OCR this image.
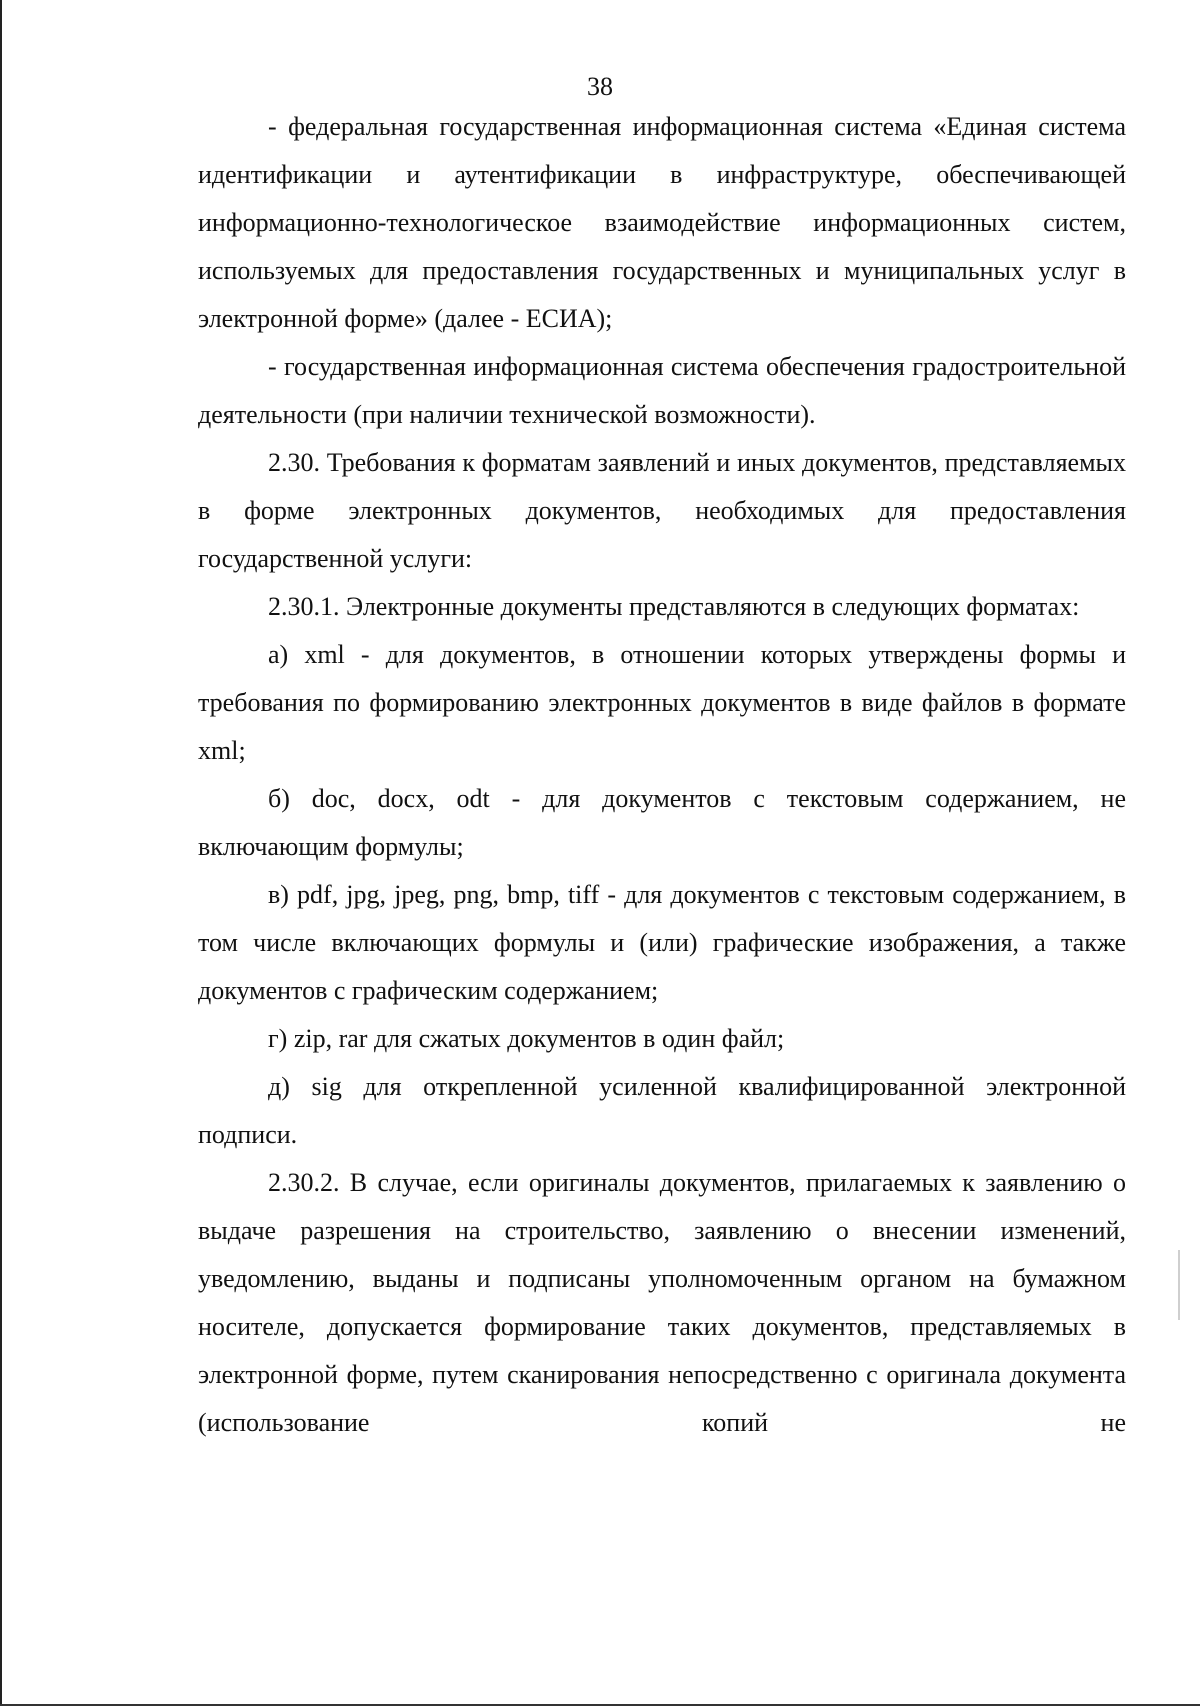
38

- федеральная государственная информационная система «Единая система идентификации и аутентификации в инфраструктуре, обеспечивающей информационно-технологическое взаимодействие информационных систем, используемых для предоставления государственных и муниципальных услуг в электронной форме» (далее - ЕСИА);

- государственная информационная система обеспечения градостроительной деятельности (при наличии технической возможности).

2.30. Требования к форматам заявлений и иных документов, представляемых в форме электронных документов, необходимых для предоставления государственной услуги:

2.30.1. Электронные документы представляются в следующих форматах:

а) xml - для документов, в отношении которых утверждены формы и требования по формированию электронных документов в виде файлов в формате xml;

б) doc, docx, odt - для документов с текстовым содержанием, не включающим формулы;

в) pdf, jpg, jpeg, png, bmp, tiff - для документов с текстовым содержанием, в том числе включающих формулы и (или) графические изображения, а также документов с графическим содержанием;

г) zip, rar для сжатых документов в один файл;

д) sig для открепленной усиленной квалифицированной электронной подписи.

2.30.2. В случае, если оригиналы документов, прилагаемых к заявлению о выдаче разрешения на строительство, заявлению о внесении изменений, уведомлению, выданы и подписаны уполномоченным органом на бумажном носителе, допускается формирование таких документов, представляемых в электронной форме, путем сканирования непосредственно с оригинала документа (использование копий не
